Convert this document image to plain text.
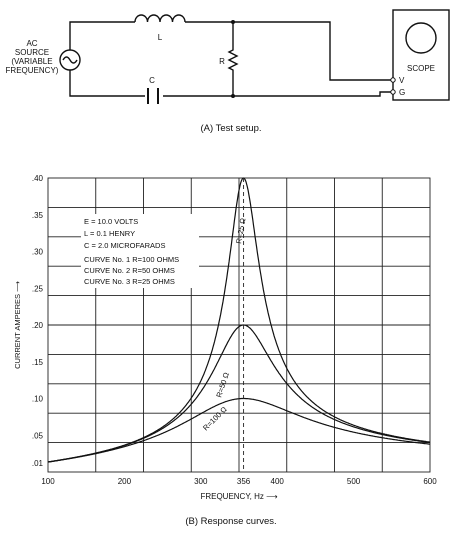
AC
SOURCE
(VARIABLE
FREQUENCY)
L
C
R
SCOPE
V
G
(A) Test setup.
100	200	300	356	400	500	600
.01
.05
.10
.15
.20
.25
.30
.35
.40
E = 10.0 VOLTS
L = 0.1 HENRY
C = 2.0 MICROFARADS
CURVE No. 1 R=100 OHMS
CURVE No. 2 R=50 OHMS
CURVE No. 3 R=25 OHMS
R=25 Ω
R=50 Ω
R=100 Ω
CURRENT AMPERES ⟶
FREQUENCY, Hz ⟶
(B) Response curves.
